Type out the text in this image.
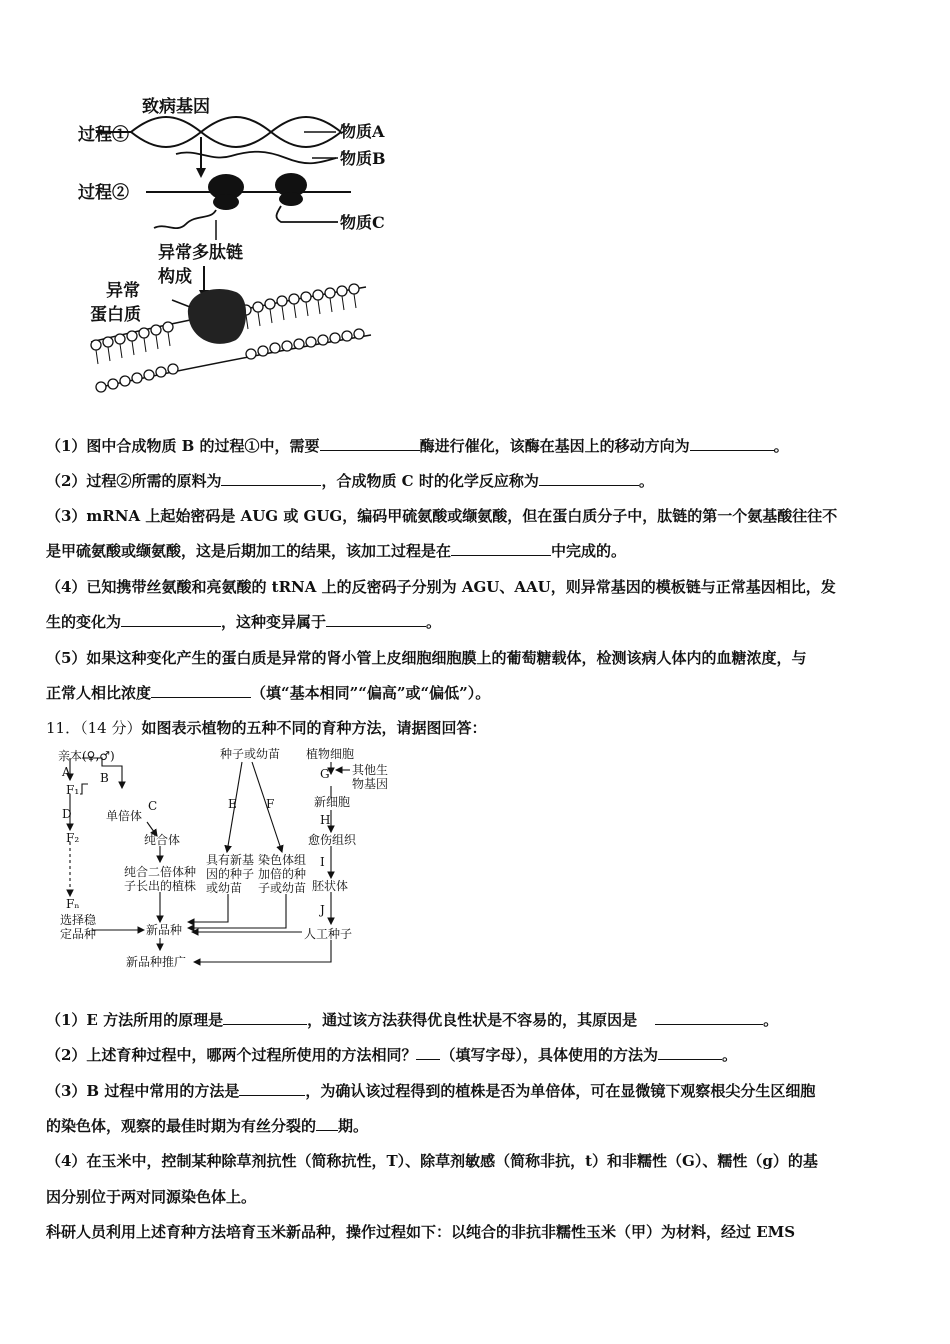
致病基因
过程①	物质A
物质B
过程②
物质C
异常多肽链
构成
异常
蛋白质
（1）图中合成物质 B 的过程①中，需要	酶进行催化，该酶在基因上的移动方向为	。
（2）过程②所需的原料为	，合成物质 C 时的化学反应称为	。
（3）mRNA 上起始密码是 AUG 或 GUG，编码甲硫氨酸或缬氨酸，但在蛋白质分子中，肽链的第一个氨基酸往往不
是甲硫氨酸或缬氨酸，这是后期加工的结果，该加工过程是在	中完成的。
（4）已知携带丝氨酸和亮氨酸的 tRNA 上的反密码子分别为 AGU、AAU，则异常基因的模板链与正常基因相比，发
生的变化为	，这种变异属于	。
（5）如果这种变化产生的蛋白质是异常的肾小管上皮细胞细胞膜上的葡萄糖载体，检测该病人体内的血糖浓度，与
正常人相比浓度	（填“基本相同”“偏高”或“偏低”）。
11．（14 分）如图表示植物的五种不同的育种方法，请据图回答：
亲本(♀,♂)
A B
F₁
单倍体
C
D
纯合体
F₂
纯合二倍体种
子长出的植株
Fₙ
选择稳
定品种	新品种
新品种推广
种子或幼苗
E F
具有新基
因的种子
或幼苗
染色体组
加倍的种
子或幼苗
植物细胞
G 其他生
物基因
新细胞
H
愈伤组织
I
胚状体
J
人工种子
（1）E 方法所用的原理是	，通过该方法获得优良性状是不容易的，其原因是	。
（2）上述育种过程中，哪两个过程所使用的方法相同？ （填写字母），具体使用的方法为	。
（3）B 过程中常用的方法是	，为确认该过程得到的植株是否为单倍体，可在显微镜下观察根尖分生区细胞
的染色体，观察的最佳时期为有丝分裂的 期。
（4）在玉米中，控制某种除草剂抗性（简称抗性，T）、除草剂敏感（简称非抗，t）和非糯性（G）、糯性（g）的基
因分别位于两对同源染色体上。
科研人员利用上述育种方法培育玉米新品种，操作过程如下：以纯合的非抗非糯性玉米（甲）为材料，经过 EMS
